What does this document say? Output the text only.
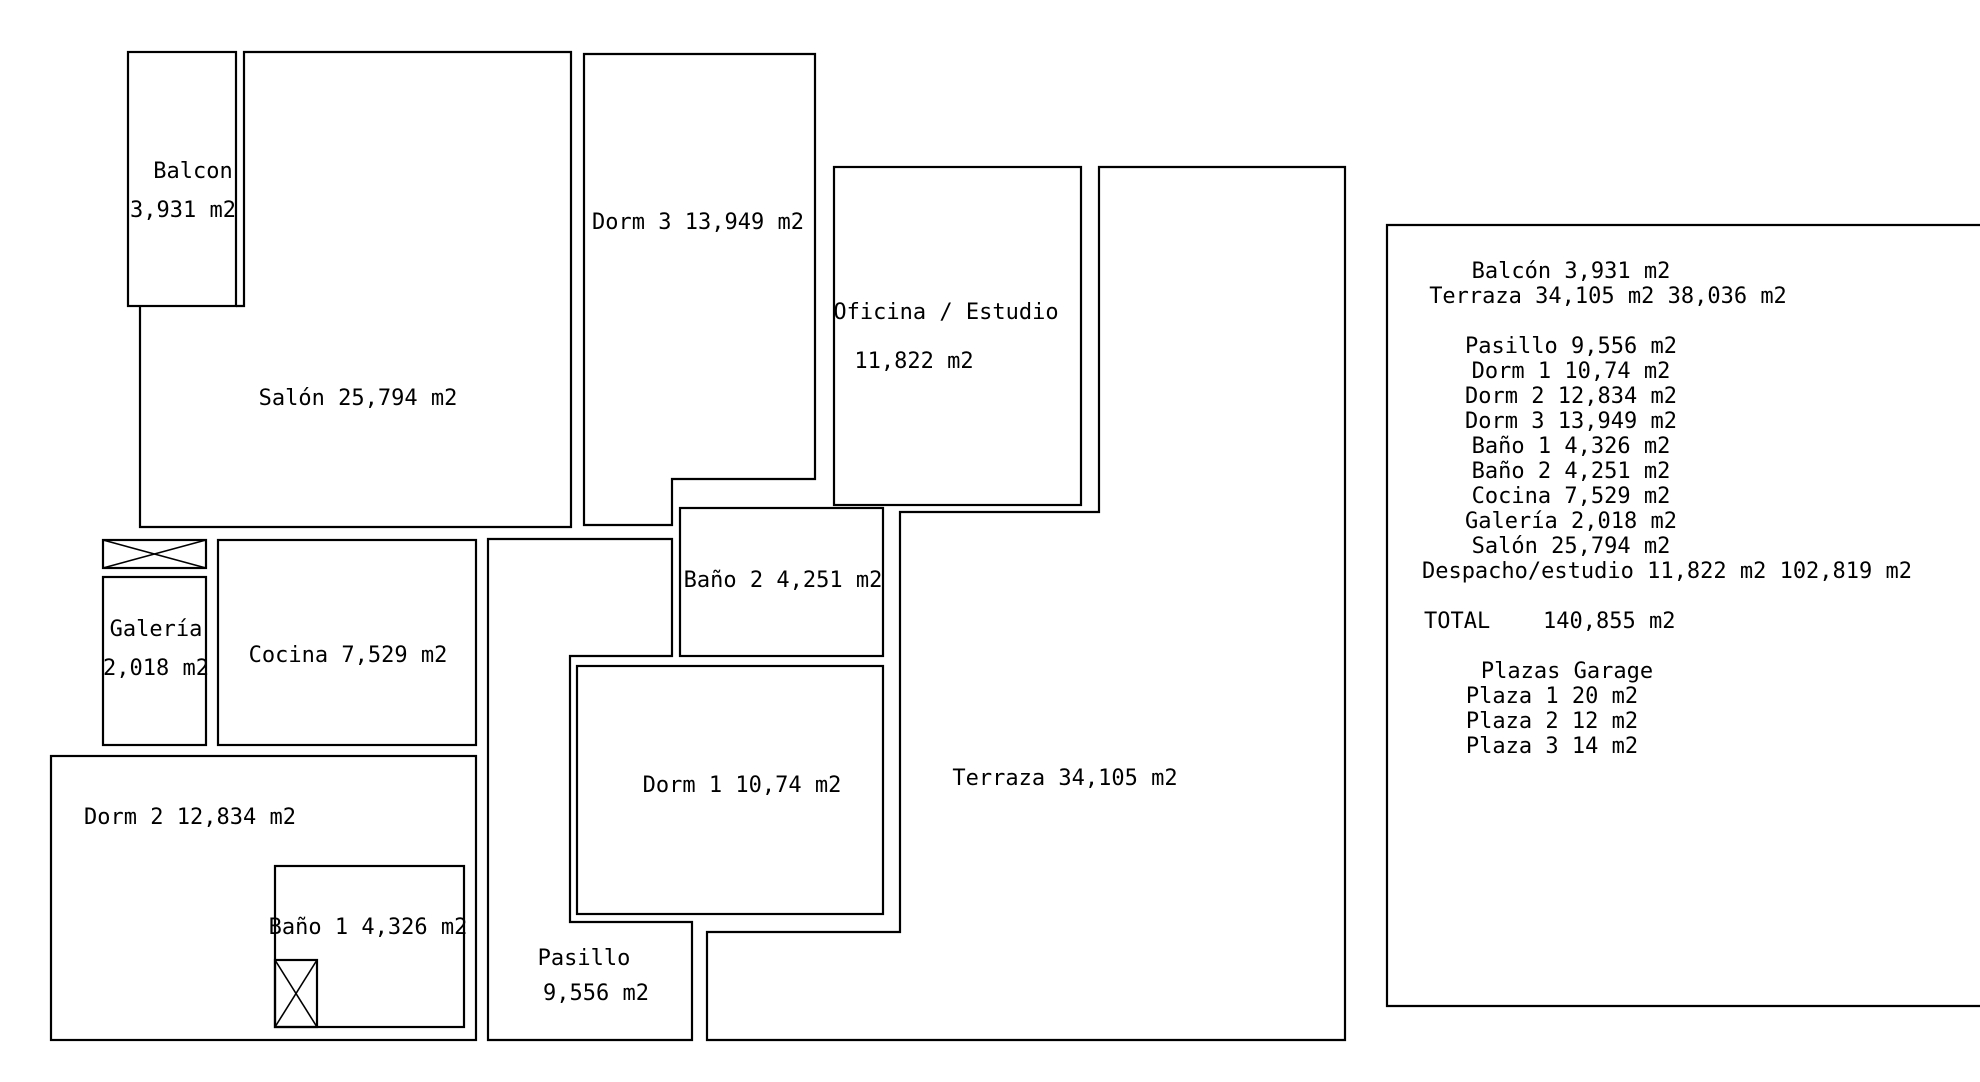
Balcon
3,931 m2
Salón 25,794 m2
Dorm 3 13,949 m2
Oficina / Estudio
11,822 m2
Terraza 34,105 m2
Galería
2,018 m2
Cocina 7,529 m2
Baño 2 4,251 m2
Dorm 1 10,74 m2
Pasillo
9,556 m2
Dorm 2 12,834 m2
Baño 1 4,326 m2
Balcón 3,931 m2
Terraza 34,105 m2 38,036 m2
Pasillo 9,556 m2
Dorm 1 10,74 m2
Dorm 2 12,834 m2
Dorm 3 13,949 m2
Baño 1 4,326 m2
Baño 2 4,251 m2
Cocina 7,529 m2
Galería 2,018 m2
Salón 25,794 m2
Despacho/estudio 11,822 m2 102,819 m2
TOTAL 140,855 m2
Plazas Garage
Plaza 1 20 m2
Plaza 2 12 m2
Plaza 3 14 m2
